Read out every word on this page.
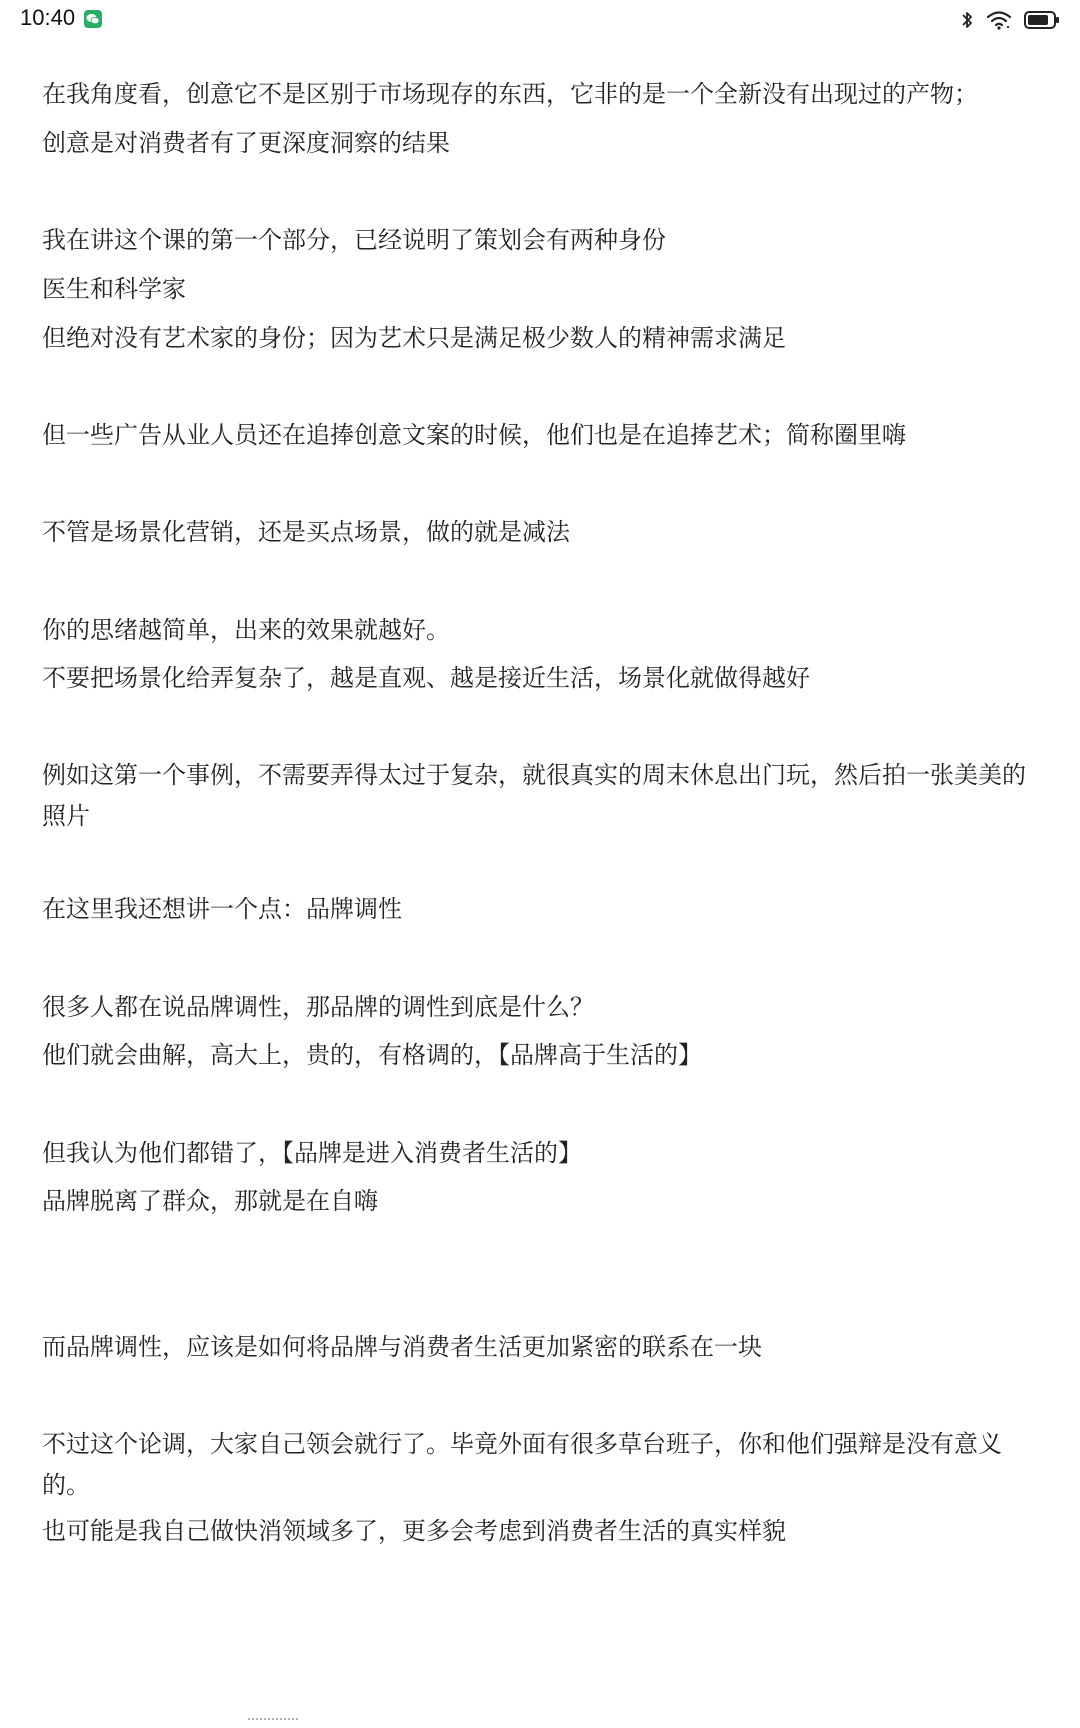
10:40
在我角度看，创意它不是区别于市场现存的东西，它非的是一个全新没有出现过的产物；
创意是对消费者有了更深度洞察的结果
我在讲这个课的第一个部分，已经说明了策划会有两种身份
医生和科学家
但绝对没有艺术家的身份；因为艺术只是满足极少数人的精神需求满足
但一些广告从业人员还在追捧创意文案的时候，他们也是在追捧艺术；简称圈里嗨
不管是场景化营销，还是买点场景，做的就是减法
你的思绪越简单，出来的效果就越好。
不要把场景化给弄复杂了，越是直观、越是接近生活，场景化就做得越好
例如这第一个事例，不需要弄得太过于复杂，就很真实的周末休息出门玩，然后拍一张美美的照片
在这里我还想讲一个点：品牌调性
很多人都在说品牌调性，那品牌的调性到底是什么？
他们就会曲解，高大上，贵的，有格调的，【品牌高于生活的】
但我认为他们都错了，【品牌是进入消费者生活的】
品牌脱离了群众，那就是在自嗨
而品牌调性，应该是如何将品牌与消费者生活更加紧密的联系在一块
不过这个论调，大家自己领会就行了。毕竟外面有很多草台班子，你和他们强辩是没有意义的。
也可能是我自己做快消领域多了，更多会考虑到消费者生活的真实样貌
